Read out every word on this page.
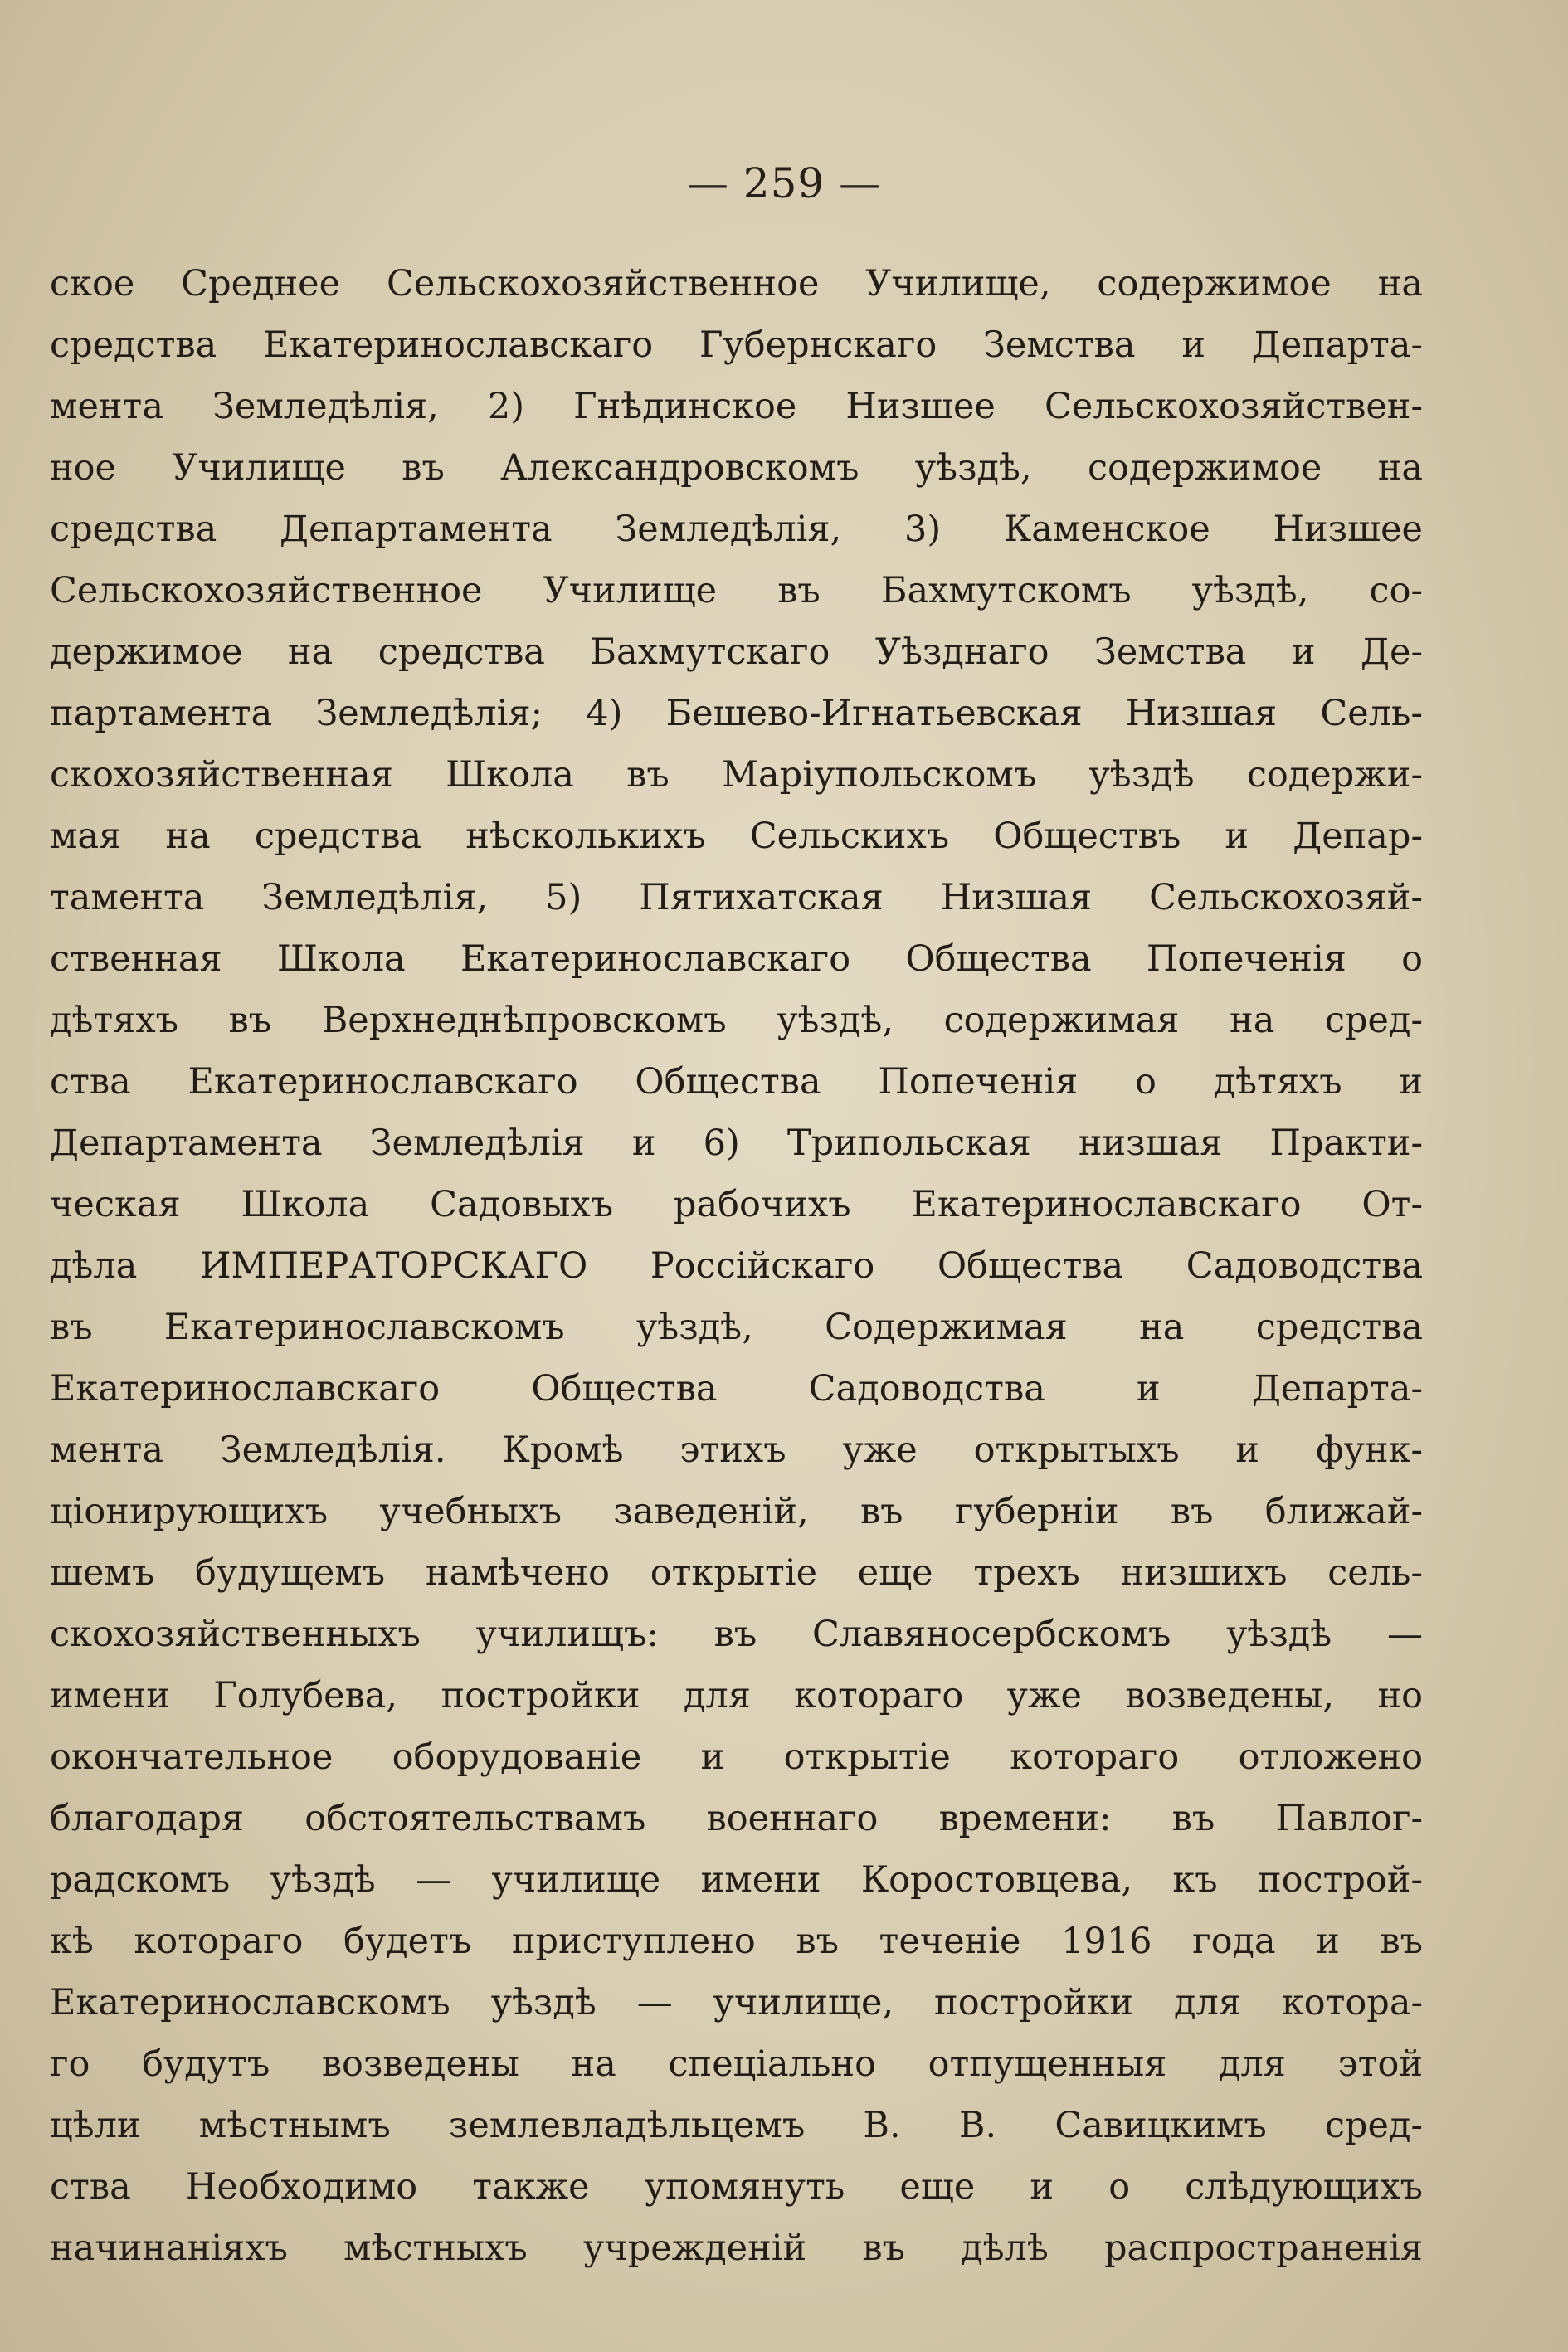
— 259 —
ское Среднее Сельскохозяйственное Училище, содержимое на
средства Екатеринославскаго Губернскаго Земства и Департа-
мента Земледѣлія, 2) Гнѣдинское Низшее Сельскохозяйствен-
ное Училище въ Александровскомъ уѣздѣ, содержимое на
средства Департамента Земледѣлія, 3) Каменское Низшее
Сельскохозяйственное Училище въ Бахмутскомъ уѣздѣ, со-
держимое на средства Бахмутскаго Уѣзднаго Земства и Де-
партамента Земледѣлія; 4) Бешево-Игнатьевская Низшая Сель-
скохозяйственная Школа въ Маріупольскомъ уѣздѣ содержи-
мая на средства нѣсколькихъ Сельскихъ Обществъ и Депар-
тамента Земледѣлія, 5) Пятихатская Низшая Сельскохозяй-
ственная Школа Екатеринославскаго Общества Попеченія о
дѣтяхъ въ Верхнеднѣпровскомъ уѣздѣ, содержимая на сред-
ства Екатеринославскаго Общества Попеченія о дѣтяхъ и
Департамента Земледѣлія и 6) Трипольская низшая Практи-
ческая Школа Садовыхъ рабочихъ Екатеринославскаго От-
дѣла ИМПЕРАТОРСКАГО Россійскаго Общества Садоводства
въ Екатеринославскомъ уѣздѣ, Содержимая на средства
Екатеринославскаго Общества Садоводства и Департа-
мента Земледѣлія. Кромѣ этихъ уже открытыхъ и функ-
ціонирующихъ учебныхъ заведеній, въ губерніи въ ближай-
шемъ будущемъ намѣчено открытіе еще трехъ низшихъ сель-
скохозяйственныхъ училищъ: въ Славяносербскомъ уѣздѣ —
имени Голубева, постройки для котораго уже возведены, но
окончательное оборудованіе и открытіе котораго отложено
благодаря обстоятельствамъ военнаго времени: въ Павлог-
радскомъ уѣздѣ — училище имени Коростовцева, къ построй-
кѣ котораго будетъ приступлено въ теченіе 1916 года и въ
Екатеринославскомъ уѣздѣ — училище, постройки для котора-
го будутъ возведены на спеціально отпущенныя для этой
цѣли мѣстнымъ землевладѣльцемъ В. В. Савицкимъ сред-
ства Необходимо также упомянуть еще и о слѣдующихъ
начинаніяхъ мѣстныхъ учрежденій въ дѣлѣ распространенія
